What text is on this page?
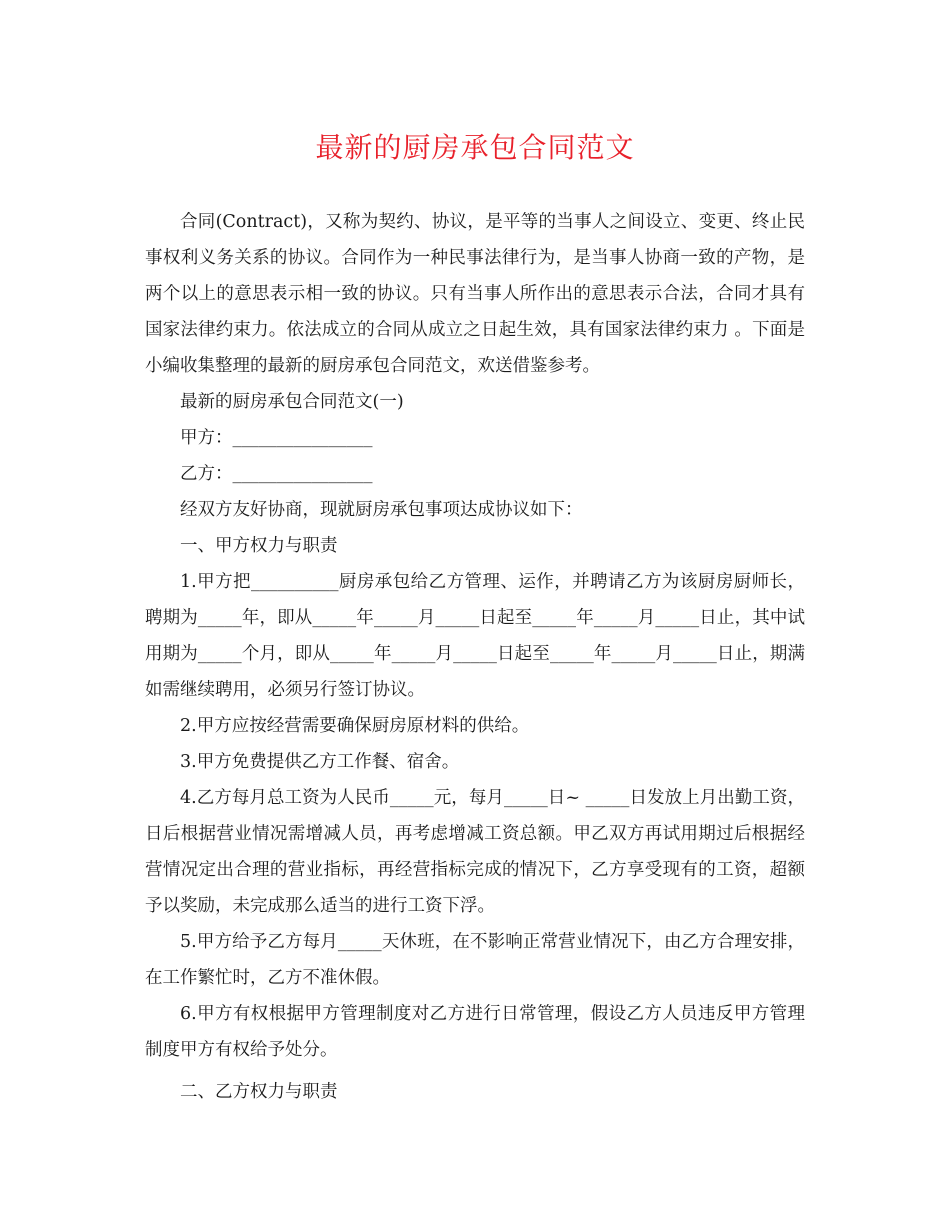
最新的厨房承包合同范文

合同(Contract)，又称为契约、协议，是平等的当事人之间设立、变更、终止民事权利义务关系的协议。合同作为一种民事法律行为，是当事人协商一致的产物，是两个以上的意思表示相一致的协议。只有当事人所作出的意思表示合法，合同才具有国家法律约束力。依法成立的合同从成立之日起生效，具有国家法律约束力 。下面是小编收集整理的最新的厨房承包合同范文，欢送借鉴参考。

最新的厨房承包合同范文(一)

甲方：________________

乙方：________________

经双方友好协商，现就厨房承包事项达成协议如下：

一、甲方权力与职责

1.甲方把__________厨房承包给乙方管理、运作，并聘请乙方为该厨房厨师长，聘期为_____年，即从_____年_____月_____日起至_____年_____月_____日止，其中试用期为_____个月，即从_____年_____月_____日起至_____年_____月_____日止，期满如需继续聘用，必须另行签订协议。

2.甲方应按经营需要确保厨房原材料的供给。

3.甲方免费提供乙方工作餐、宿舍。

4.乙方每月总工资为人民币_____元，每月_____日~ _____日发放上月出勤工资，日后根据营业情况需增减人员，再考虑增减工资总额。甲乙双方再试用期过后根据经营情况定出合理的营业指标，再经营指标完成的情况下，乙方享受现有的工资，超额予以奖励，未完成那么适当的进行工资下浮。

5.甲方给予乙方每月_____天休班，在不影响正常营业情况下，由乙方合理安排，在工作繁忙时，乙方不准休假。

6.甲方有权根据甲方管理制度对乙方进行日常管理，假设乙方人员违反甲方管理制度甲方有权给予处分。

二、乙方权力与职责
